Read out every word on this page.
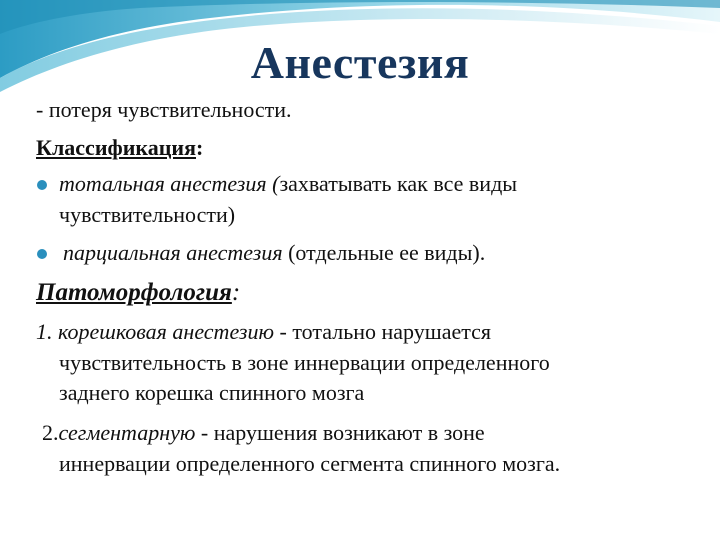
Анестезия
- потеря чувствительности.
Классификация:
тотальная анестезия (захватывать как все виды
чувствительности)
парциальная анестезия (отдельные ее виды).
Патоморфология:
1. корешковая анестезию - тотально нарушается
чувствительность в зоне иннервации определенного
заднего корешка спинного мозга
2.сегментарную - нарушения возникают в зоне
иннервации определенного сегмента спинного мозга.
